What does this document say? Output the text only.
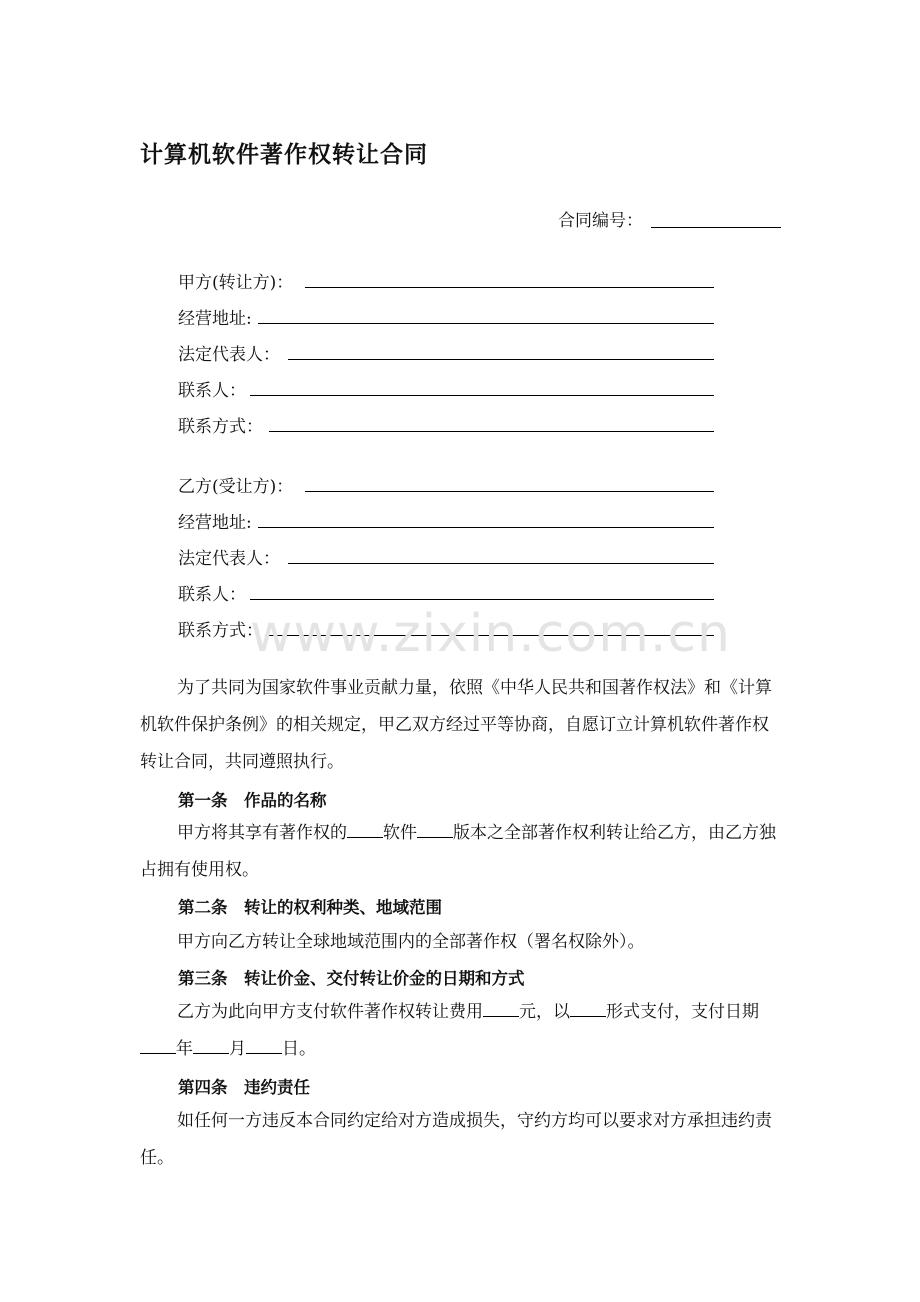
计算机软件著作权转让合同
合同编号：
甲方(转让方)：
经营地址:
法定代表人：
联系人：
联系方式：
乙方(受让方)：
经营地址:
法定代表人：
联系人：
联系方式：
www.zixin.com.cn
为了共同为国家软件事业贡献力量，依照《中华人民共和国著作权法》和《计算机软件保护条例》的相关规定，甲乙双方经过平等协商，自愿订立计算机软件著作权转让合同，共同遵照执行。
第一条　作品的名称
甲方将其享有著作权的 软件 版本之全部著作权利转让给乙方，由乙方独占拥有使用权。
第二条　转让的权利种类、地域范围
甲方向乙方转让全球地域范围内的全部著作权（署名权除外）。
第三条　转让价金、交付转让价金的日期和方式
乙方为此向甲方支付软件著作权转让费用 元，以 形式支付，支付日期年 月 日。
第四条　违约责任
如任何一方违反本合同约定给对方造成损失，守约方均可以要求对方承担违约责任。
